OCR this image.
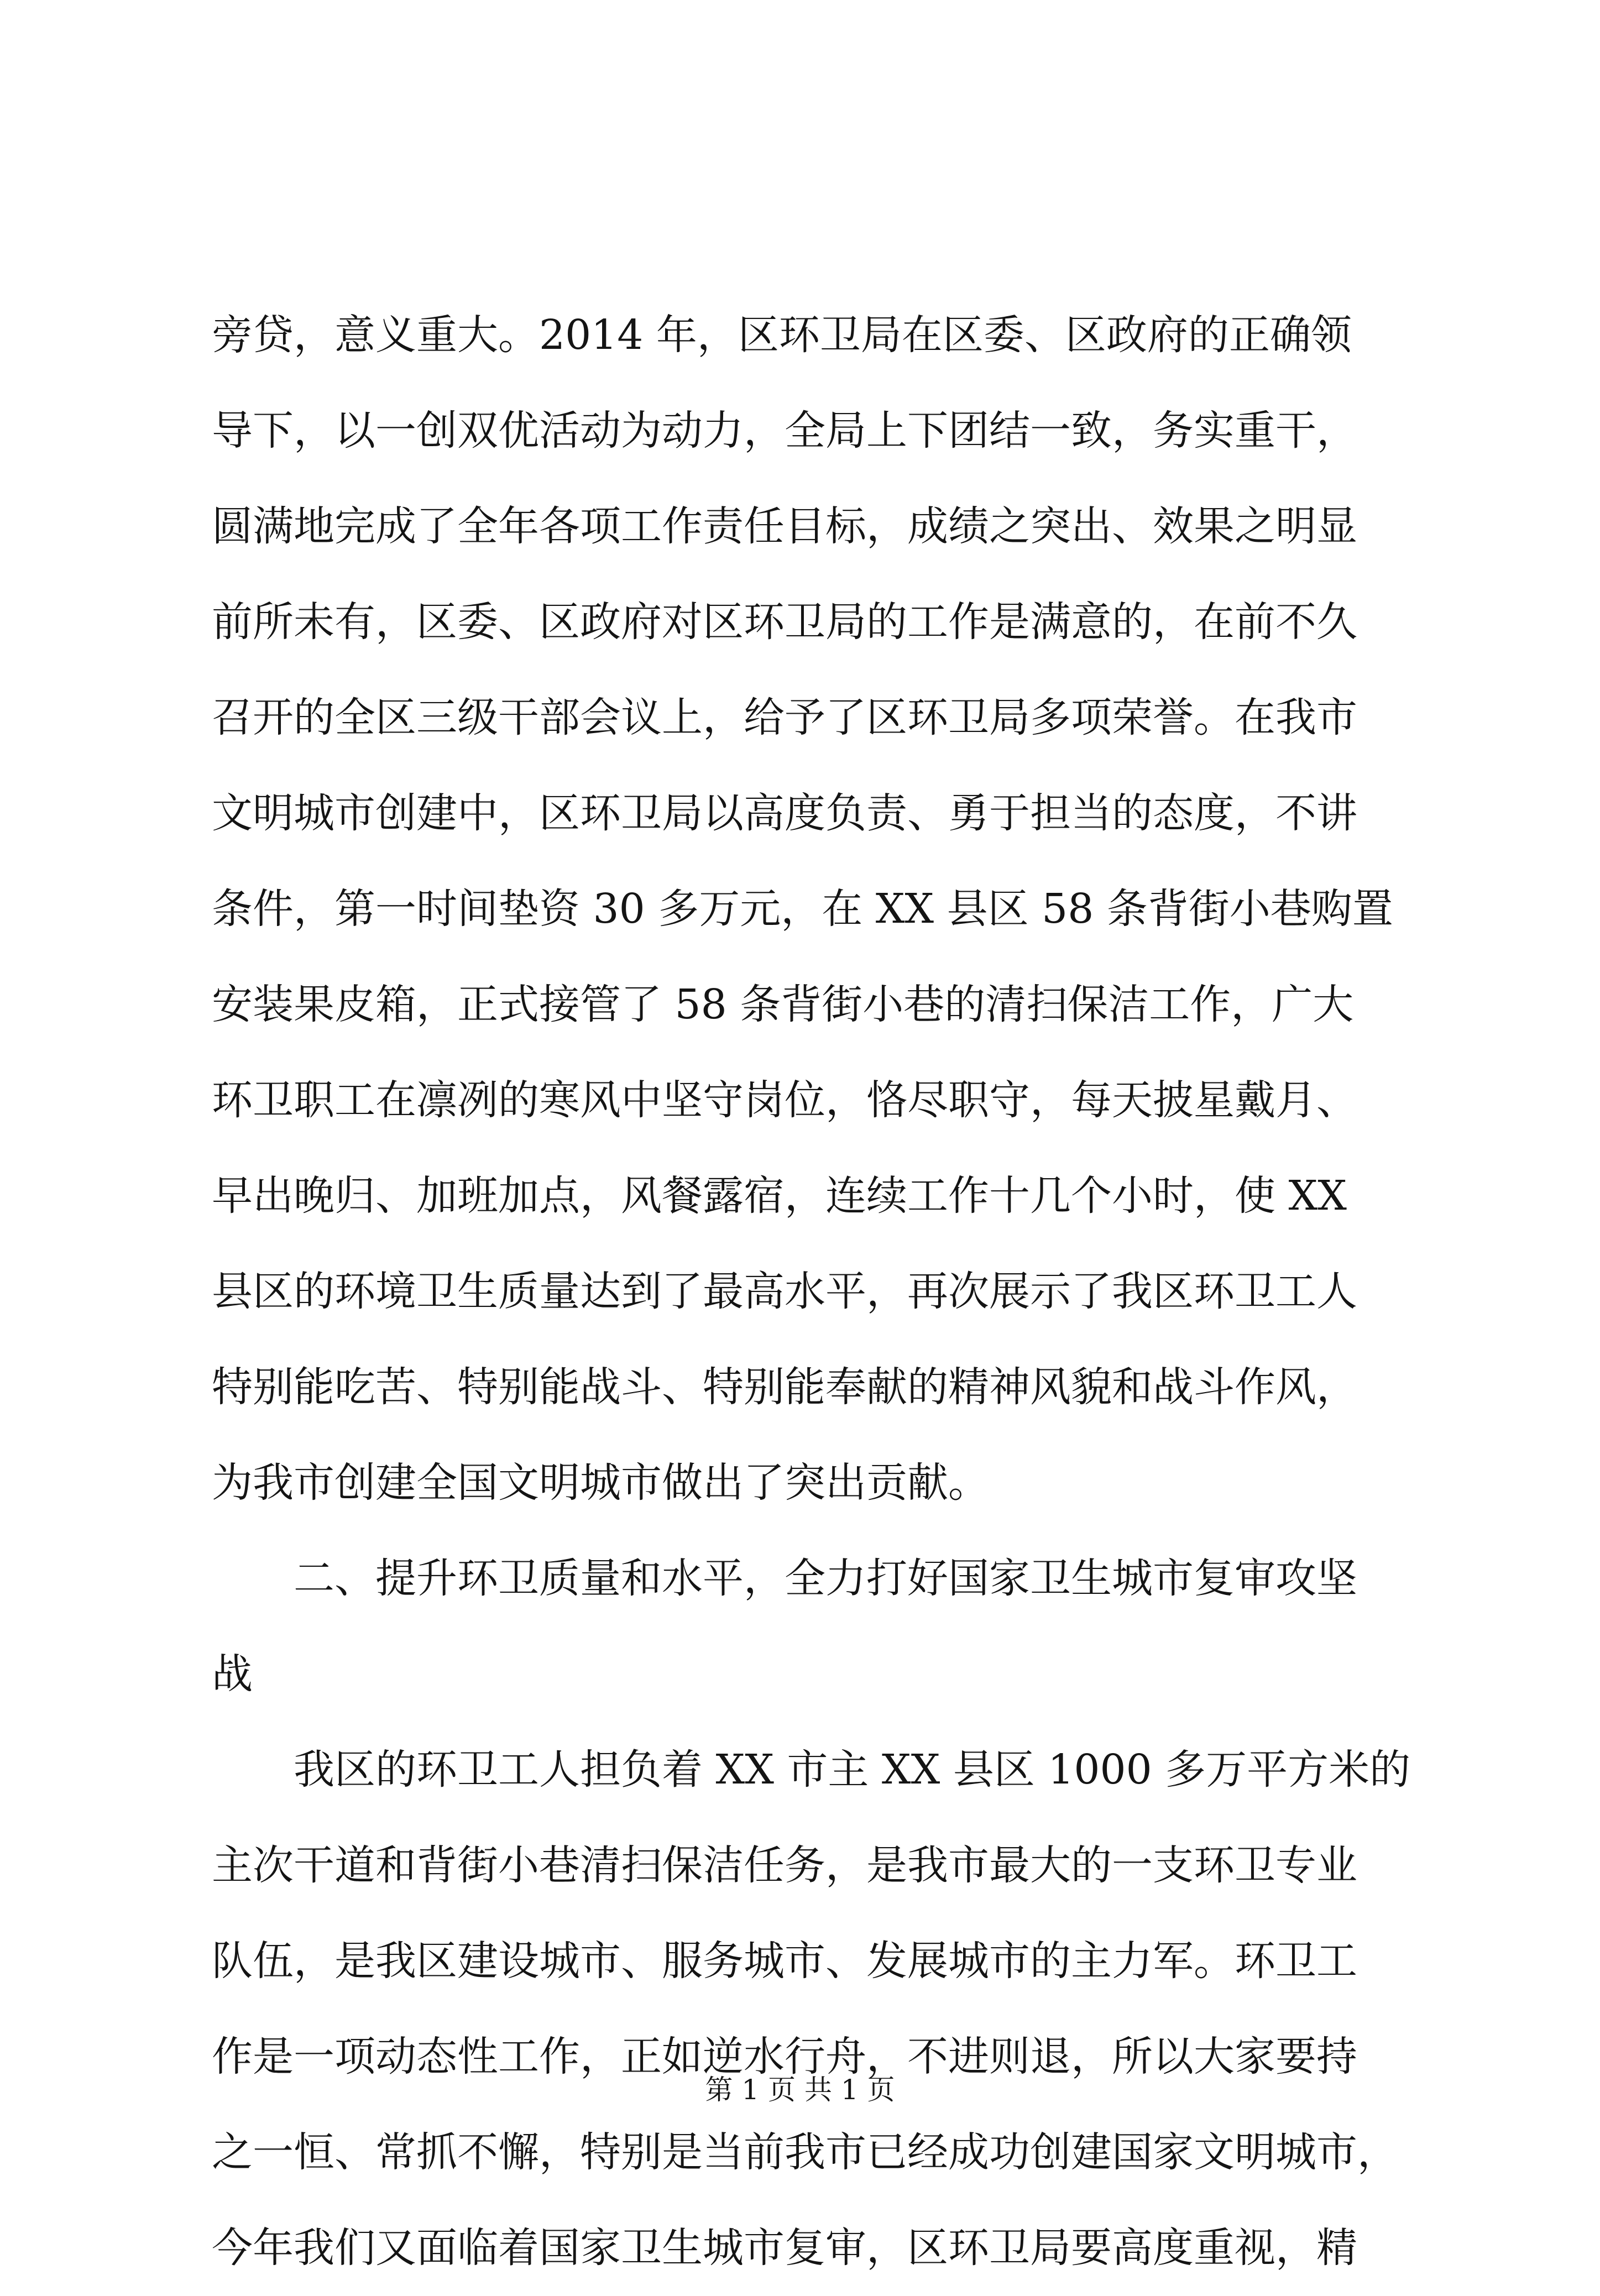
旁贷，意义重大。2014 年，区环卫局在区委、区政府的正确领
导下，以一创双优活动为动力，全局上下团结一致，务实重干，
圆满地完成了全年各项工作责任目标，成绩之突出、效果之明显
前所未有，区委、区政府对区环卫局的工作是满意的，在前不久
召开的全区三级干部会议上，给予了区环卫局多项荣誉。在我市
文明城市创建中，区环卫局以高度负责、勇于担当的态度，不讲
条件，第一时间垫资 30 多万元，在 XX 县区 58 条背街小巷购置
安装果皮箱，正式接管了 58 条背街小巷的清扫保洁工作，广大
环卫职工在凛冽的寒风中坚守岗位，恪尽职守，每天披星戴月、
早出晚归、加班加点，风餐露宿，连续工作十几个小时，使 XX
县区的环境卫生质量达到了最高水平，再次展示了我区环卫工人
特别能吃苦、特别能战斗、特别能奉献的精神风貌和战斗作风，
为我市创建全国文明城市做出了突出贡献。
二、提升环卫质量和水平，全力打好国家卫生城市复审攻坚
战
我区的环卫工人担负着 XX 市主 XX 县区 1000 多万平方米的
主次干道和背街小巷清扫保洁任务，是我市最大的一支环卫专业
队伍，是我区建设城市、服务城市、发展城市的主力军。环卫工
作是一项动态性工作，正如逆水行舟，不进则退，所以大家要持
之一恒、常抓不懈，特别是当前我市已经成功创建国家文明城市，
今年我们又面临着国家卫生城市复审，区环卫局要高度重视，精
第 1 页 共 1 页
